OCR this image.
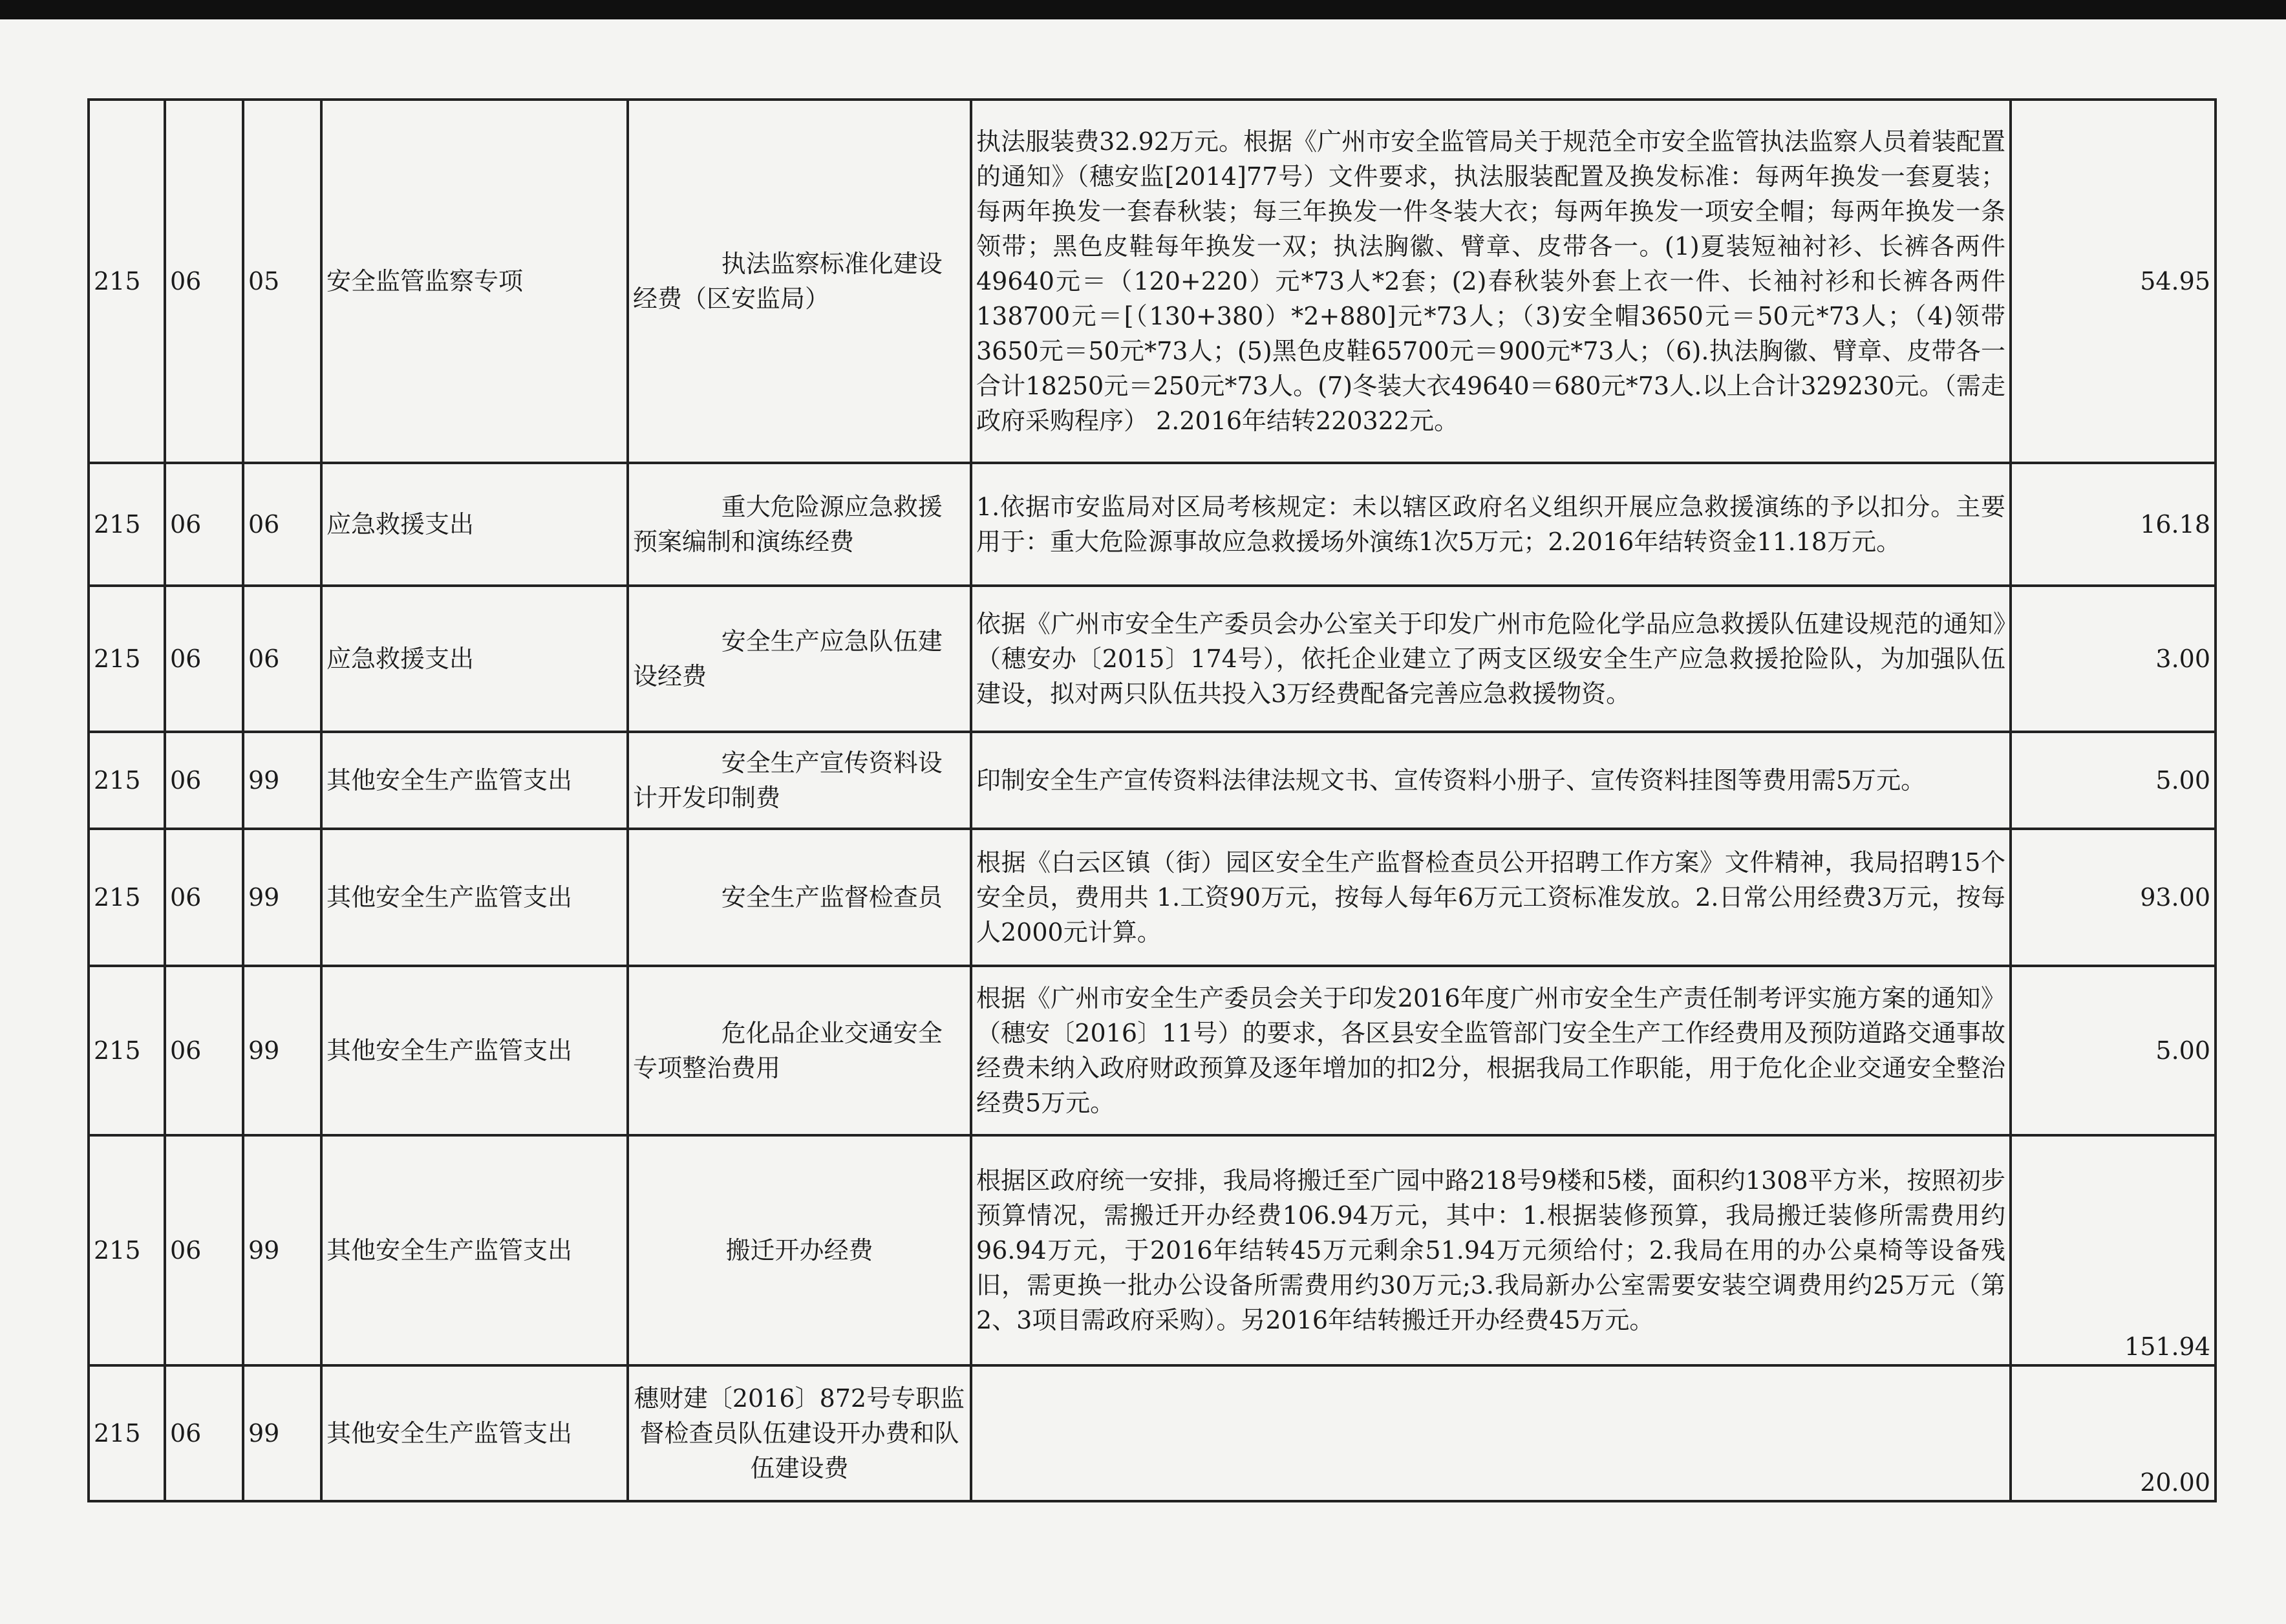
215	06	05	安全监管监察专项	执法监察标准化建设经费（区安监局）	执法服装费32.92万元。根据《广州市安全监管局关于规范全市安全监管执法监察人员着装配置的通知》（穗安监[2014]77号）文件要求，执法服装配置及换发标准：每两年换发一套夏装；每两年换发一套春秋装；每三年换发一件冬装大衣；每两年换发一项安全帽；每两年换发一条领带；黑色皮鞋每年换发一双；执法胸徽、臂章、皮带各一。(1)夏装短袖衬衫、长裤各两件49640元＝（120+220）元*73人*2套；(2)春秋装外套上衣一件、长袖衬衫和长裤各两件138700元＝[（130+380）*2+880]元*73人；（3)安全帽3650元＝50元*73人；（4)领带3650元＝50元*73人；(5)黑色皮鞋65700元＝900元*73人；（6).执法胸徽、臂章、皮带各一合计18250元＝250元*73人。(7)冬装大衣49640＝680元*73人.以上合计329230元。（需走政府采购程序） 2.2016年结转220322元。	54.95
215	06	06	应急救援支出	重大危险源应急救援预案编制和演练经费	1.依据市安监局对区局考核规定：未以辖区政府名义组织开展应急救援演练的予以扣分。主要用于：重大危险源事故应急救援场外演练1次5万元；2.2016年结转资金11.18万元。	16.18
215	06	06	应急救援支出	安全生产应急队伍建设经费	依据《广州市安全生产委员会办公室关于印发广州市危险化学品应急救援队伍建设规范的通知》（穗安办〔2015〕174号），依托企业建立了两支区级安全生产应急救援抢险队，为加强队伍建设，拟对两只队伍共投入3万经费配备完善应急救援物资。	3.00
215	06	99	其他安全生产监管支出	安全生产宣传资料设计开发印制费	印制安全生产宣传资料法律法规文书、宣传资料小册子、宣传资料挂图等费用需5万元。	5.00
215	06	99	其他安全生产监管支出	安全生产监督检查员	根据《白云区镇（街）园区安全生产监督检查员公开招聘工作方案》文件精神，我局招聘15个安全员，费用共 1.工资90万元，按每人每年6万元工资标准发放。2.日常公用经费3万元，按每人2000元计算。	93.00
215	06	99	其他安全生产监管支出	危化品企业交通安全专项整治费用	根据《广州市安全生产委员会关于印发2016年度广州市安全生产责任制考评实施方案的通知》（穗安〔2016〕11号）的要求，各区县安全监管部门安全生产工作经费用及预防道路交通事故经费未纳入政府财政预算及逐年增加的扣2分，根据我局工作职能，用于危化企业交通安全整治经费5万元。	5.00
215	06	99	其他安全生产监管支出	搬迁开办经费	根据区政府统一安排，我局将搬迁至广园中路218号9楼和5楼，面积约1308平方米，按照初步预算情况，需搬迁开办经费106.94万元，其中：1.根据装修预算，我局搬迁装修所需费用约96.94万元，于2016年结转45万元剩余51.94万元须给付；2.我局在用的办公桌椅等设备残旧，需更换一批办公设备所需费用约30万元;3.我局新办公室需要安装空调费用约25万元（第2、3项目需政府采购）。另2016年结转搬迁开办经费45万元。	151.94
215	06	99	其他安全生产监管支出	穗财建〔2016〕872号专职监督检查员队伍建设开办费和队伍建设费		20.00
